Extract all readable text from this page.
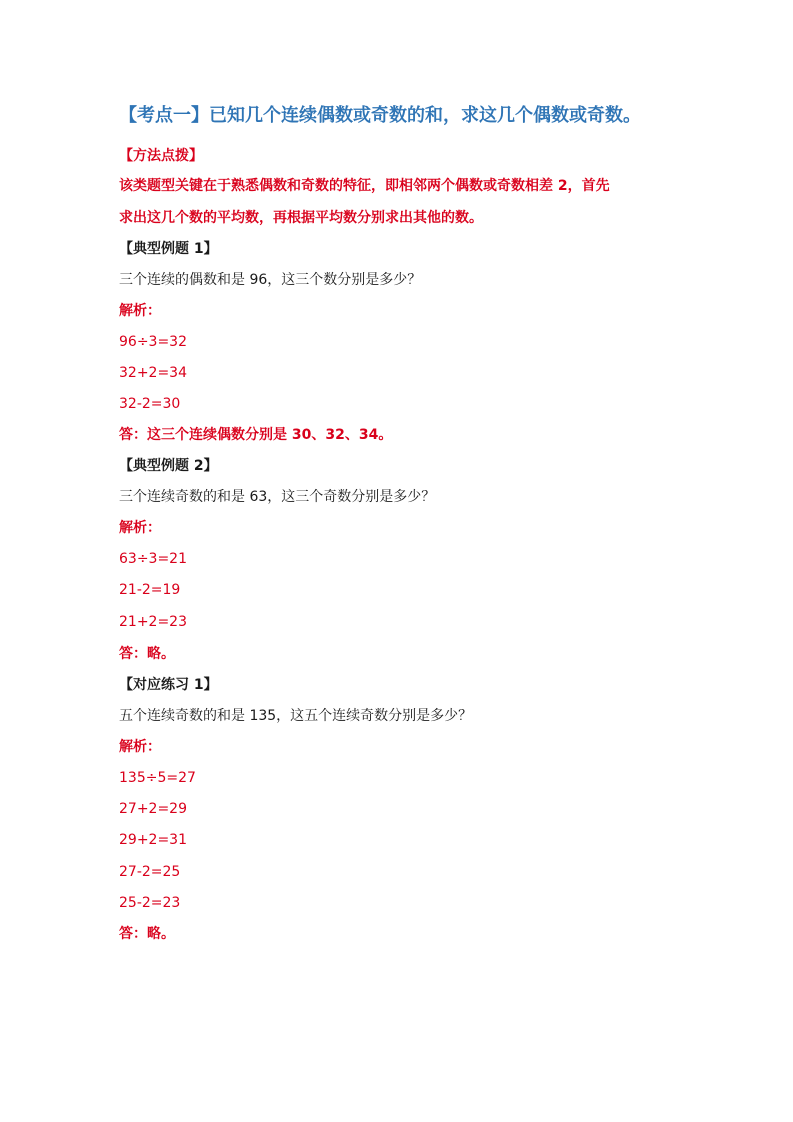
【考点一】已知几个连续偶数或奇数的和，求这几个偶数或奇数。
【方法点拨】
该类题型关键在于熟悉偶数和奇数的特征，即相邻两个偶数或奇数相差 2，首先
求出这几个数的平均数，再根据平均数分别求出其他的数。
【典型例题 1】
三个连续的偶数和是 96，这三个数分别是多少？
解析：
96÷3=32
32+2=34
32-2=30
答：这三个连续偶数分别是 30、32、34。
【典型例题 2】
三个连续奇数的和是 63，这三个奇数分别是多少？
解析：
63÷3=21
21-2=19
21+2=23
答：略。
【对应练习 1】
五个连续奇数的和是 135，这五个连续奇数分别是多少？
解析：
135÷5=27
27+2=29
29+2=31
27-2=25
25-2=23
答：略。
